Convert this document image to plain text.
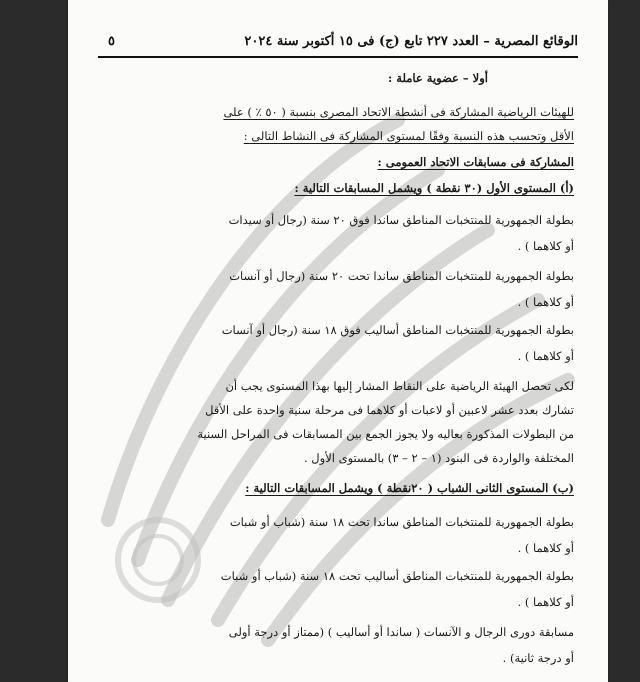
الوقائع المصرية – العدد ٢٢٧ تابع (ج) فى ١٥ أكتوبر سنة ٢٠٢٤
٥
أولا – عضوية عاملة :
للهيئات الرياضية المشاركة فى أنشطة الاتحاد المصرى بنسبة ( ٥٠ ٪ ) على
الأقل وتحسب هذه النسبة وفقًا لمستوى المشاركة فى النشاط التالى :
المشاركة فى مسابقات الاتحاد العمومى :
(أ) المستوى الأول (٣٠ نقطة ) ويشمل المسابقات التالية :
بطولة الجمهورية للمنتخبات المناطق ساندا فوق ٢٠ سنة (رجال أو سيدات
أو كلاهما ) .
بطولة الجمهورية للمنتخبات المناطق ساندا تحت ٢٠ سنة (رجال أو آنسات
أو كلاهما ) .
بطولة الجمهورية للمنتخبات المناطق أساليب فوق ١٨ سنة (رجال أو آنسات
أو كلاهما ) .
لكى تحصل الهيئة الرياضية على النقاط المشار إليها بهذا المستوى يجب أن
تشارك بعدد عشر لاعبين أو لاعبات أو كلاهما فى مرحلة سنية واحدة على الأقل
من البطولات المذكورة بعاليه ولا يجوز الجمع بين المسابقات فى المراحل السنية
المختلفة والواردة فى البنود (١ – ٢ – ٣) بالمستوى الأول .
(ب) المستوى الثانى الشباب ( ٢٠نقطة ) ويشمل المسابقات التالية :
بطولة الجمهورية للمنتخبات المناطق ساندا تحت ١٨ سنة (شباب أو شبات
أو كلاهما ) .
بطولة الجمهورية للمنتخبات المناطق أساليب تحت ١٨ سنة (شباب أو شبات
أو كلاهما ) .
مسابقة دورى الرجال و الآنسات ( ساندا أو أساليب ) (ممتاز أو درجة أولى
أو درجة ثانية) .
